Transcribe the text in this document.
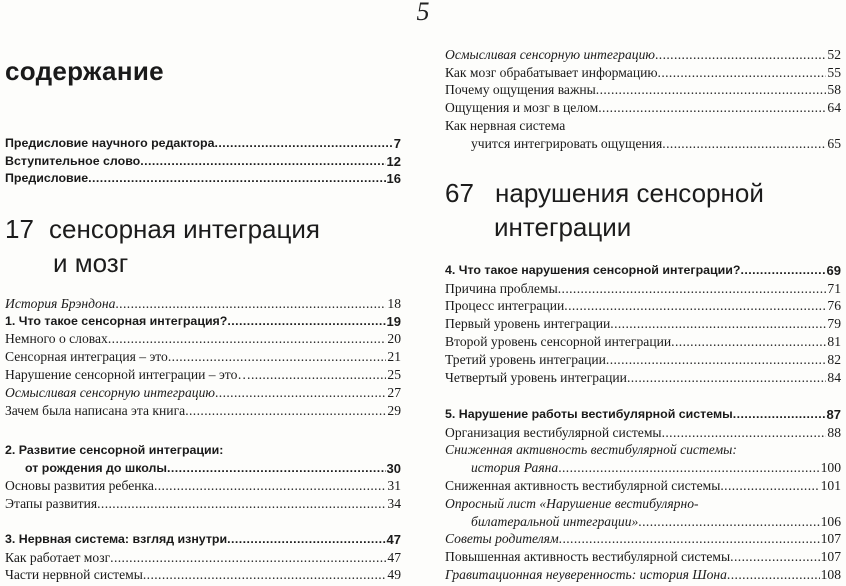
5
содержание
Предисловие научного редактора . . .	7
Вступительное слово . . .	12
Предисловие . . .	16
17 сенсорная интеграция
и мозг
История Брэндона . . .	18
1. Что такое сенсорная интеграция? . . .	19
Немного о словах . . .	20
Сенсорная интеграция – это . . .	21
Нарушение сенсорной интеграции – это… . . .	25
Осмысливая сенсорную интеграцию . . .	27
Зачем была написана эта книга . . .	29
2. Развитие сенсорной интеграции:
от рождения до школы . . .	30
Основы развития ребенка . . .	31
Этапы развития . . .	34
3. Нервная система: взгляд изнутри . . .	47
Как работает мозг . . .	47
Части нервной системы . . .	49
Осмысливая сенсорную интеграцию . . .	52
Как мозг обрабатывает информацию . . .	55
Почему ощущения важны . . .	58
Ощущения и мозг в целом . . .	64
Как нервная система
учится интегрировать ощущения . . .	65
67 нарушения сенсорной
интеграции
4. Что такое нарушения сенсорной интеграции? . . .	69
Причина проблемы . . .	71
Процесс интеграции . . .	76
Первый уровень интеграции . . .	79
Второй уровень сенсорной интеграции . . .	81
Третий уровень интеграции . . .	82
Четвертый уровень интеграции . . .	84
5. Нарушение работы вестибулярной системы . . .	87
Организация вестибулярной системы . . .	88
Сниженная активность вестибулярной системы:
история Раяна . . .	100
Сниженная активность вестибулярной системы . . .	101
Опросный лист «Нарушение вестибулярно-
билатеральной интеграции» . . .	106
Советы родителям . . .	107
Повышенная активность вестибулярной системы . . .	107
Гравитационная неуверенность: история Шона . . .	108
